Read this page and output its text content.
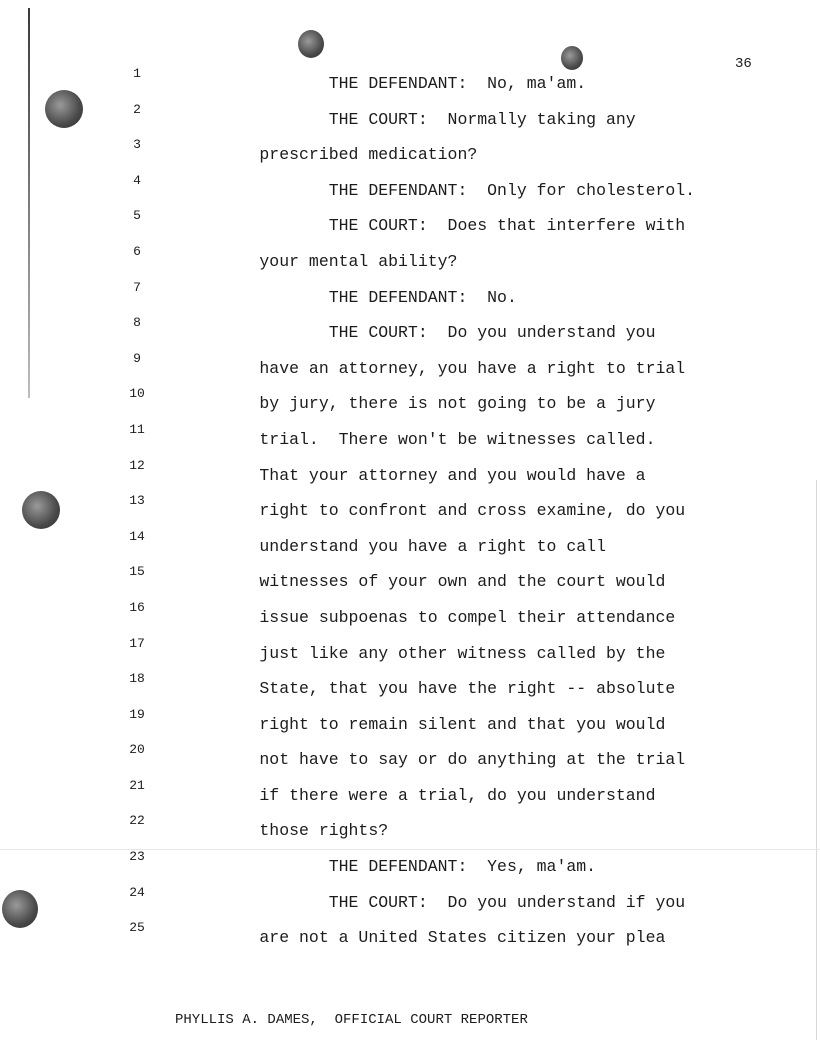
36

1
2
3
4
5
6
7
8
9
10
11
12
13
14
15
16
17
18
19
20
21
22
23
24
25
THE DEFENDANT:  No, ma'am.
THE COURT:  Normally taking any
prescribed medication?
THE DEFENDANT:  Only for cholesterol.
THE COURT:  Does that interfere with
your mental ability?
THE DEFENDANT:  No.
THE COURT:  Do you understand you
have an attorney, you have a right to trial
by jury, there is not going to be a jury
trial.  There won't be witnesses called.
That your attorney and you would have a
right to confront and cross examine, do you
understand you have a right to call
witnesses of your own and the court would
issue subpoenas to compel their attendance
just like any other witness called by the
State, that you have the right -- absolute
right to remain silent and that you would
not have to say or do anything at the trial
if there were a trial, do you understand
those rights?
THE DEFENDANT:  Yes, ma'am.
THE COURT:  Do you understand if you
are not a United States citizen your plea

PHYLLIS A. DAMES,  OFFICIAL COURT REPORTER
